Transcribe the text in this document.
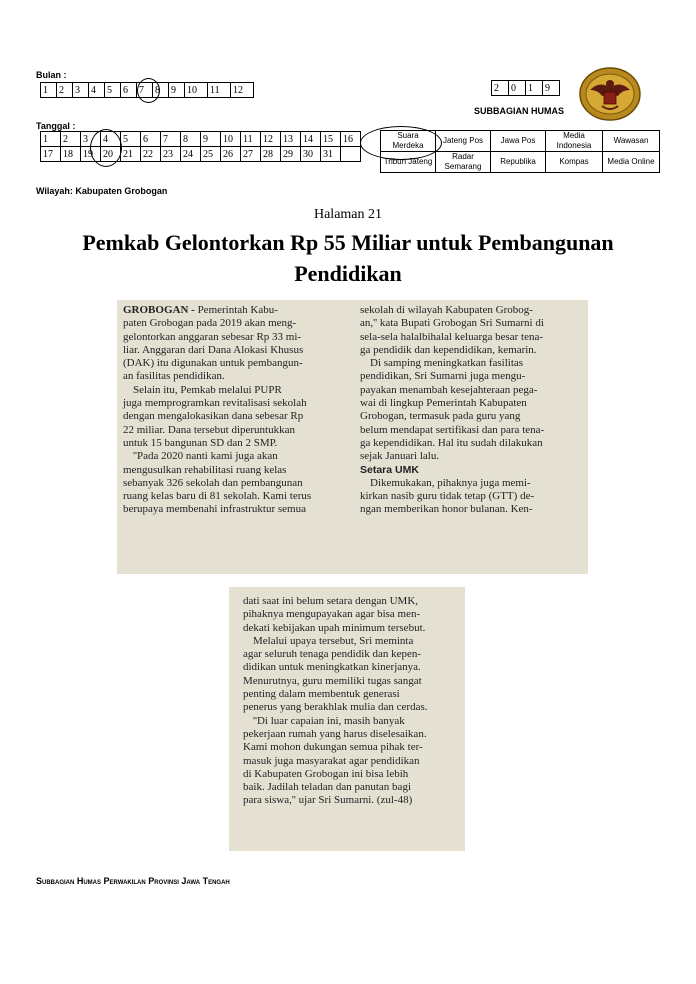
Bulan :
1	2	3	4	5	6	7	8	9	10	11	12	2	0	1	9
SUBBAGIAN HUMAS
Tanggal :
1	2	3	4	5	6	7	8	9	10	11	12	13	14	15	16
17	18	19	20	21	22	23	24	25	26	27	28	29	30	31	
Suara Merdeka	Jateng Pos	Jawa Pos	Media Indonesia	Wawasan
Tribun Jateng	Radar Semarang	Republika	Kompas	Media Online
Wilayah: Kabupaten Grobogan
Halaman 21
Pemkab Gelontorkan Rp 55 Miliar untuk Pembangunan
Pendidikan

GROBOGAN - Pemerintah Kabu-

paten Grobogan pada 2019 akan meng-

gelontorkan anggaran sebesar Rp 33 mi-

liar. Anggaran dari Dana Alokasi Khusus

(DAK) itu digunakan untuk pembangun-

an fasilitas pendidikan.

Selain itu, Pemkab melalui PUPR

juga memprogramkan revitalisasi sekolah

dengan mengalokasikan dana sebesar Rp

22 miliar. Dana tersebut diperuntukkan

untuk 15 bangunan SD dan 2 SMP.

''Pada 2020 nanti kami juga akan

mengusulkan rehabilitasi ruang kelas

sebanyak 326 sekolah dan pembangunan

ruang kelas baru di 81 sekolah. Kami terus

berupaya membenahi infrastruktur semua

sekolah di wilayah Kabupaten Grobog-

an,'' kata Bupati Grobogan Sri Sumarni di

sela-sela halalbihalal keluarga besar tena-

ga pendidik dan kependidikan, kemarin.

Di samping meningkatkan fasilitas

pendidikan, Sri Sumarni juga mengu-

payakan menambah kesejahteraan pega-

wai di lingkup Pemerintah Kabupaten

Grobogan, termasuk pada guru yang

belum mendapat sertifikasi dan para tena-

ga kependidikan. Hal itu sudah dilakukan

sejak Januari lalu.

Setara UMK

Dikemukakan, pihaknya juga memi-

kirkan nasib guru tidak tetap (GTT) de-

ngan memberikan honor bulanan. Ken-

dati saat ini belum setara dengan UMK,

pihaknya mengupayakan agar bisa men-

dekati kebijakan upah minimum tersebut.

Melalui upaya tersebut, Sri meminta

agar seluruh tenaga pendidik dan kepen-

didikan untuk meningkatkan kinerjanya.

Menurutnya, guru memiliki tugas sangat

penting dalam membentuk generasi

penerus yang berakhlak mulia dan cerdas.

''Di luar capaian ini, masih banyak

pekerjaan rumah yang harus diselesaikan.

Kami mohon dukungan semua pihak ter-

masuk juga masyarakat agar pendidikan

di Kabupaten Grobogan ini bisa lebih

baik. Jadilah teladan dan panutan bagi

para siswa,'' ujar Sri Sumarni. (zul-48)

Subbagian Humas Perwakilan Provinsi Jawa Tengah
